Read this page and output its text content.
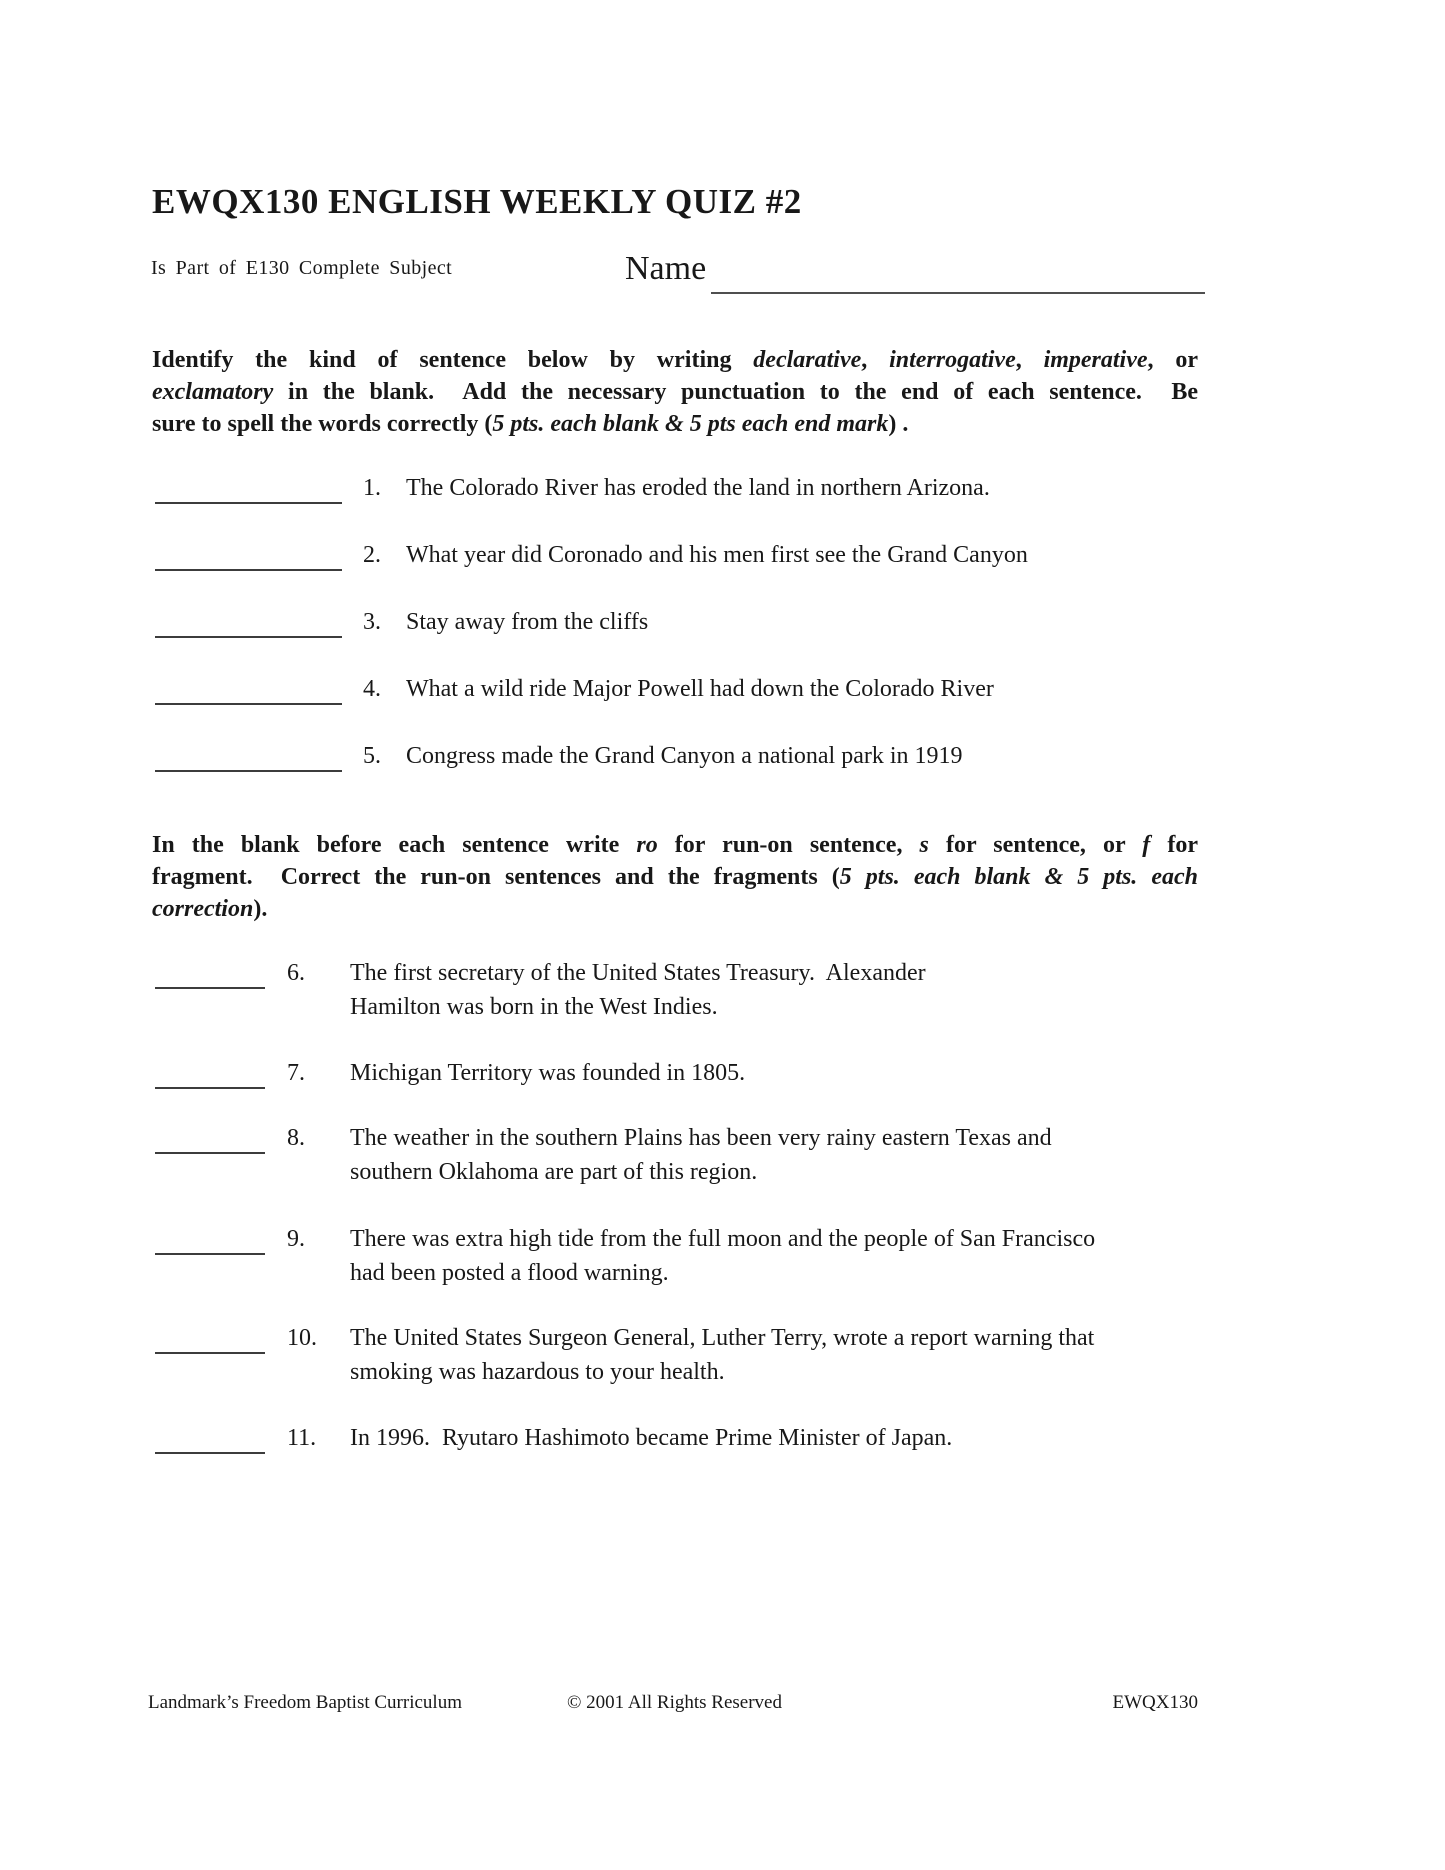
EWQX130 ENGLISH WEEKLY QUIZ #2
Is Part of E130 Complete Subject	Name
Identify the kind of sentence below by writing declarative, interrogative, imperative, or
exclamatory in the blank.  Add the necessary punctuation to the end of each sentence.  Be
sure to spell the words correctly (5 pts. each blank & 5 pts each end mark) .
1. The Colorado River has eroded the land in northern Arizona.
2. What year did Coronado and his men first see the Grand Canyon
3. Stay away from the cliffs
4. What a wild ride Major Powell had down the Colorado River
5. Congress made the Grand Canyon a national park in 1919
In the blank before each sentence write ro for run-on sentence, s for sentence, or f for
fragment.  Correct the run-on sentences and the fragments (5 pts. each blank & 5 pts. each
correction).
6. The first secretary of the United States Treasury.  Alexander
Hamilton was born in the West Indies.
7. Michigan Territory was founded in 1805.
8. The weather in the southern Plains has been very rainy eastern Texas and
southern Oklahoma are part of this region.
9. There was extra high tide from the full moon and the people of San Francisco
had been posted a flood warning.
10. The United States Surgeon General, Luther Terry, wrote a report warning that
smoking was hazardous to your health.
11. In 1996.  Ryutaro Hashimoto became Prime Minister of Japan.
Landmark’s Freedom Baptist Curriculum	© 2001 All Rights Reserved	EWQX130
